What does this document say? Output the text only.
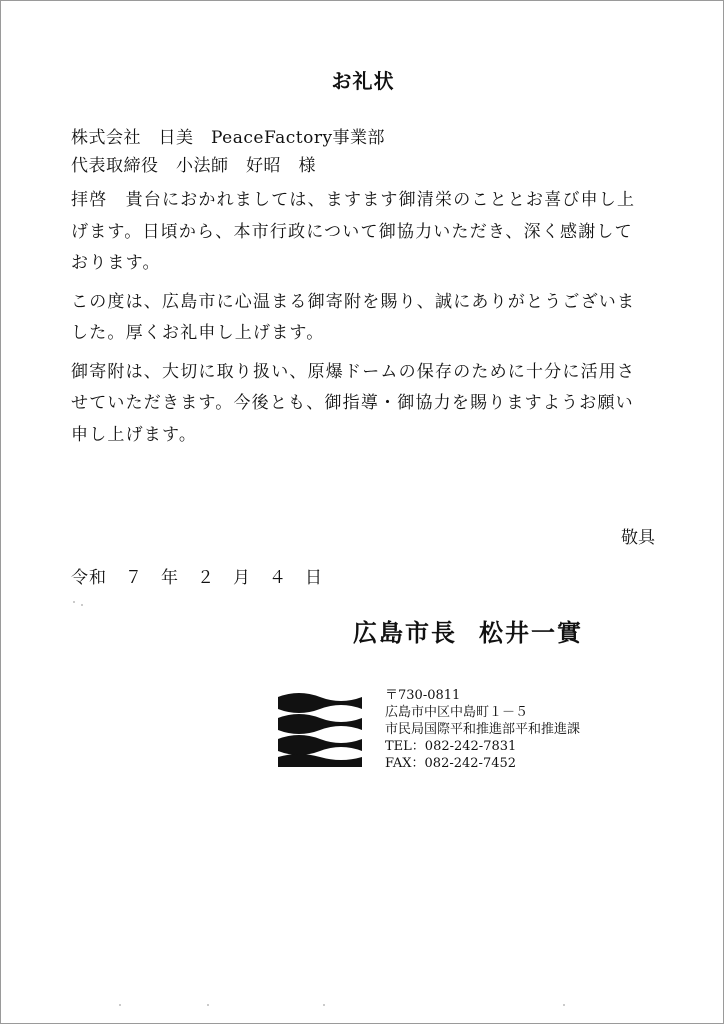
お礼状
株式会社　日美　PeaceFactory事業部
代表取締役　小法師　好昭　様

拝啓　貴台におかれましては、ますます御清栄のこととお喜び申し上げます。日頃から、本市行政について御協力いただき、深く感謝しております。

この度は、広島市に心温まる御寄附を賜り、誠にありがとうございました。厚くお礼申し上げます。

御寄附は、大切に取り扱い、原爆ドームの保存のために十分に活用させていただきます。今後とも、御指導・御協力を賜りますようお願い申し上げます。

敬具
令和　７　年　２　月　４　日
広島市長 松井一實
〒730-0811
広島市中区中島町１－５
市民局国際平和推進部平和推進課
TEL：082-242-7831
FAX：082-242-7452
